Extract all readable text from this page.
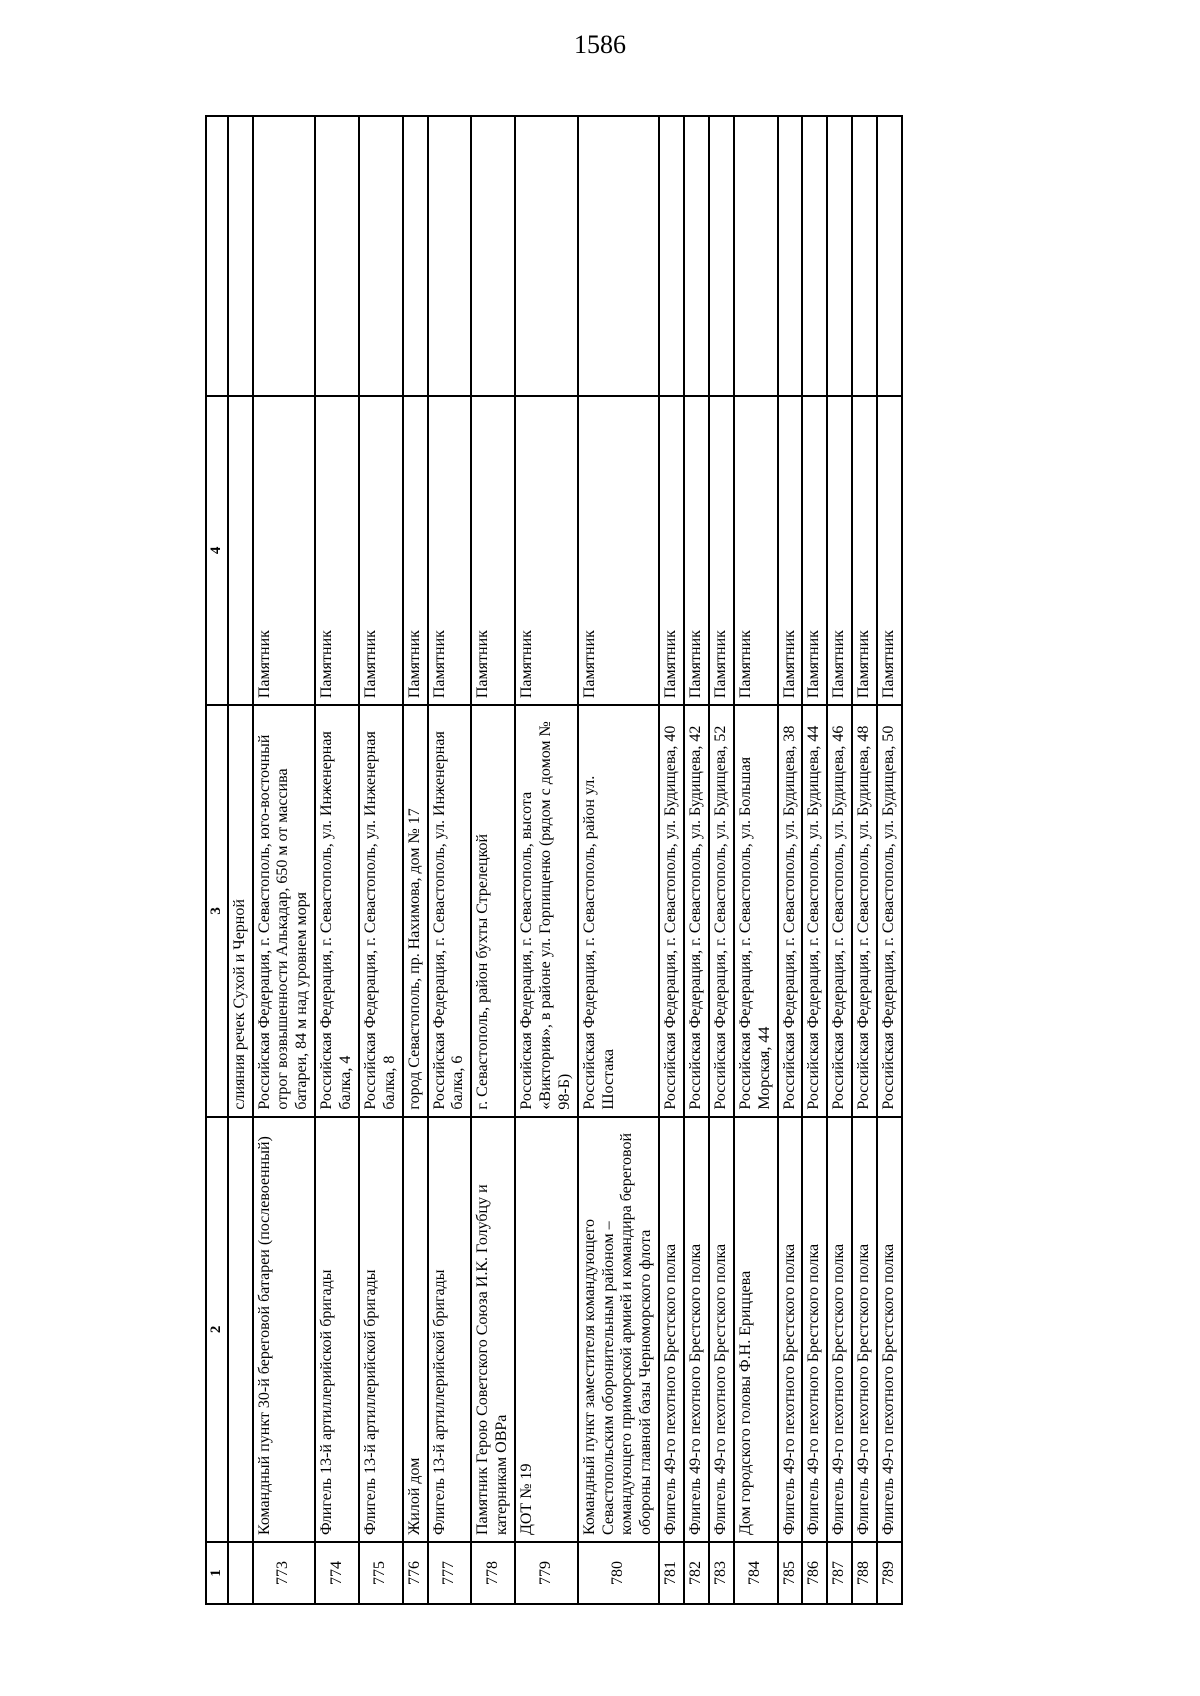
1586
1	2	3	4	
		слияния речек Сухой и Черной		
773	Командный пункт 30-й береговой батареи (послевоенный)	Российская Федерация, г. Севастополь, юго-восточный отрог возвышенности Алькадар, 650 м от массива батареи, 84 м над уровнем моря	Памятник	
774	Флигель 13-й артиллерийской бригады	Российская Федерация, г. Севастополь, ул. Инженерная балка, 4	Памятник	
775	Флигель 13-й артиллерийской бригады	Российская Федерация, г. Севастополь, ул. Инженерная балка, 8	Памятник	
776	Жилой дом	город Севастополь, пр. Нахимова, дом № 17	Памятник	
777	Флигель 13-й артиллерийской бригады	Российская Федерация, г. Севастополь, ул. Инженерная балка, 6	Памятник	
778	Памятник Герою Советского Союза И.К. Голубцу и катерникам ОВРа	г. Севастополь, район бухты Стрелецкой	Памятник	
779	ДОТ № 19	Российская Федерация, г. Севастополь, высота «Виктория», в районе ул. Горпищенко (рядом с домом № 98-Б)	Памятник	
780	Командный пункт заместителя командующего Севастопольским оборонительным районом – командующего приморской армией и командира береговой обороны главной базы Черноморского флота	Российская Федерация, г. Севастополь, район ул. Шостака	Памятник	
781	Флигель 49-го пехотного Брестского полка	Российская Федерация, г. Севастополь, ул. Будищева, 40	Памятник	
782	Флигель 49-го пехотного Брестского полка	Российская Федерация, г. Севастополь, ул. Будищева, 42	Памятник	
783	Флигель 49-го пехотного Брестского полка	Российская Федерация, г. Севастополь, ул. Будищева, 52	Памятник	
784	Дом городского головы Ф.Н. Ериццева	Российская Федерация, г. Севастополь, ул. Большая Морская, 44	Памятник	
785	Флигель 49-го пехотного Брестского полка	Российская Федерация, г. Севастополь, ул. Будищева, 38	Памятник	
786	Флигель 49-го пехотного Брестского полка	Российская Федерация, г. Севастополь, ул. Будищева, 44	Памятник	
787	Флигель 49-го пехотного Брестского полка	Российская Федерация, г. Севастополь, ул. Будищева, 46	Памятник	
788	Флигель 49-го пехотного Брестского полка	Российская Федерация, г. Севастополь, ул. Будищева, 48	Памятник	
789	Флигель 49-го пехотного Брестского полка	Российская Федерация, г. Севастополь, ул. Будищева, 50	Памятник	
